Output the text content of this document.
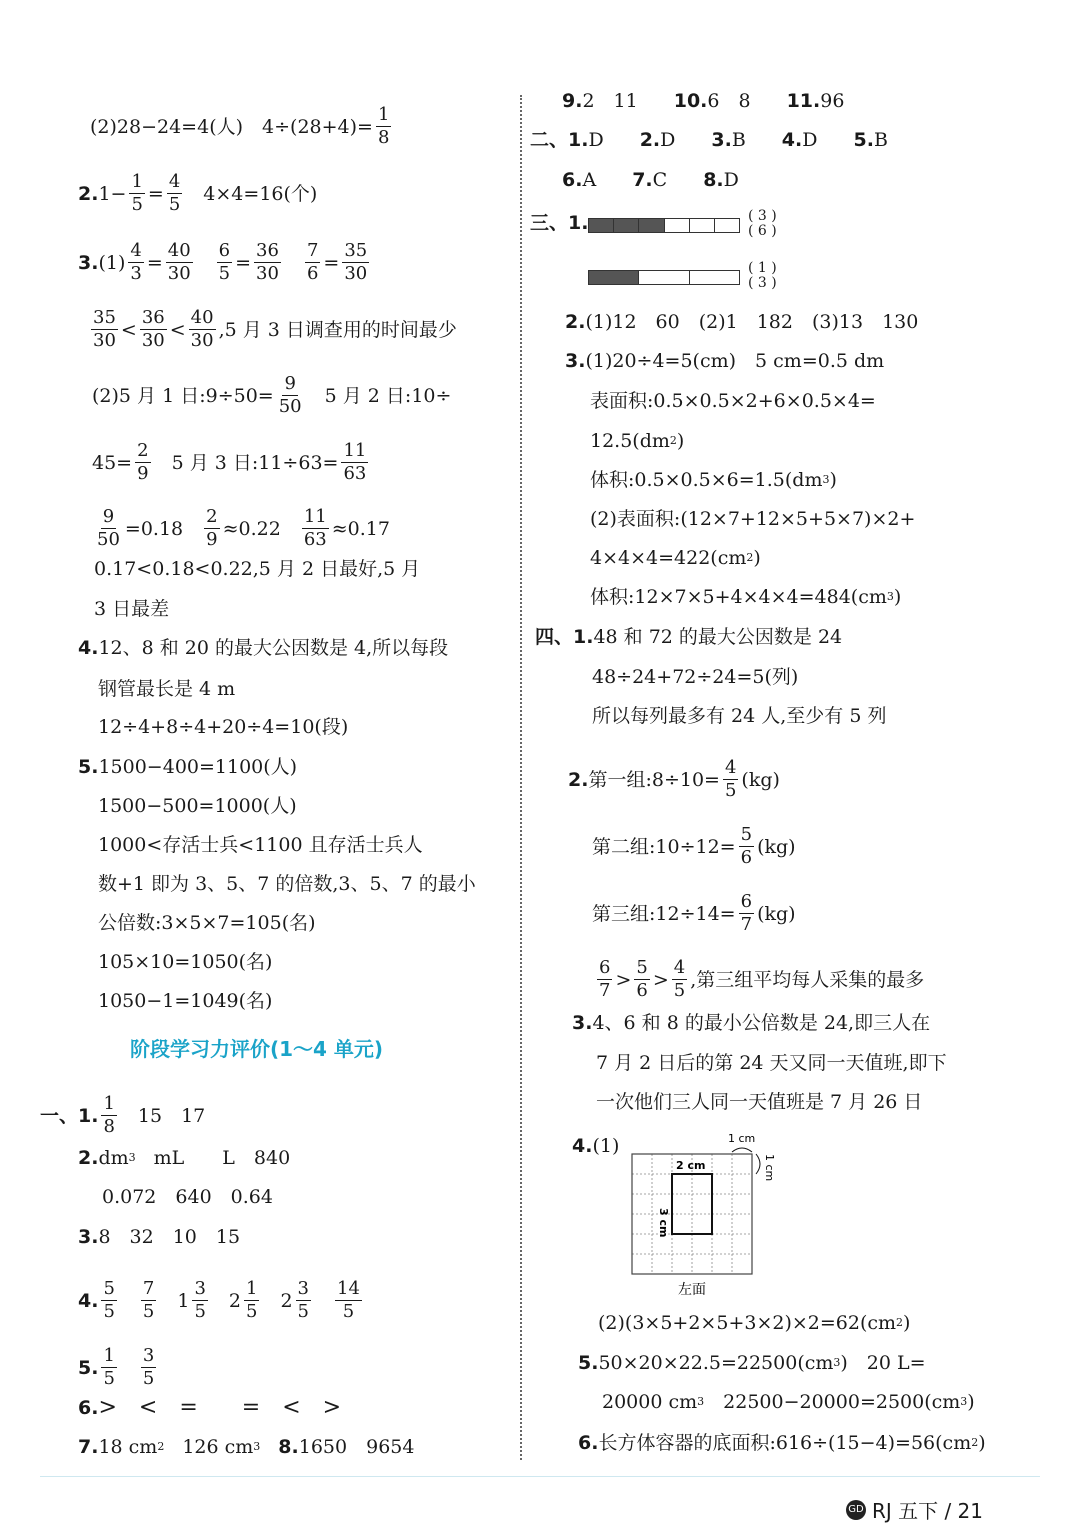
(2)28−24=4(人)　$4\div(28+4)= \frac{1}{8}$
2. $1- \frac{1}{5} = \frac{4}{5} 4\times 4=16$(个)
3. $(1) \frac{4}{3} = \frac{40}{30} \frac{6}{5} = \frac{36}{30} \frac{7}{6} = \frac{35}{30}$
35
30 <
36
30 <
40
30 ,5 月 3 日调查用的时间最少
(2)5 月 1 日:9÷50= $\frac{9}{50} 5$ 月 2 日:10÷
$45= \frac{2}{9} 5$ 月 3 日:11÷63= $\frac{11}{63}$
$\frac{9}{50} =0.18 \frac{2}{9} \approx 0.22 \frac{11}{63} \approx 0.17$
0.17<0.18<0.22,5 月 2 日最好,5 月
3 日最差
4. 12、8 和 20 的最大公因数是 4,所以每段
钢管最长是 4 m
12÷4+8÷4+20÷4=10(段)
5. 1500−400=1100(人)
1500−500=1000(人)
1000<存活士兵<1100 且存活士兵人
数+1 即为 3、5、7 的倍数,3、5、7 的最小
公倍数:3×5×7=105(名)
105×10=1050(名)
1050−1=1049(名)
阶段学习力评价(1～4 单元)
一、1.
1
8 15　17
2. dm 3 mL　　L　840
0.072　640　0.64
3. 8　32　10　15
4.
5
5
7
5 1
3
5 2
1
5 2
3
5
14
5
5.
1
5
3
5
6. >　<　=　　=　<　>
7. 18 cm 2 126 cm 3 8. 1650　9654
9. 2　11 10. 6　8 11. 96
二、1. D 2. D 3. B 4. D 5. B
6. A 7. C 8. D
三、1.	( 3 )
( 6 )
( 1 )
( 3 )
2. (1)12　60　(2)1　182　(3)13　130
3. (1)20÷4=5(cm)　5 cm=0.5 dm
表面积:0.5×0.5×2+6×0.5×4=
12.5(dm 2 )
体积:0.5×0.5×6=1.5(dm 3 )
(2)表面积:(12×7+12×5+5×7)×2+
4×4×4=422(cm 2 )
体积:12×7×5+4×4×4=484(cm 3 )
四、1. 48 和 72 的最大公因数是 24
48÷24+72÷24=5(列)
所以每列最多有 24 人,至少有 5 列
2. 第一组:8÷10= $\frac{4}{5} (kg)$
第二组:10÷12= $\frac{5}{6} (kg)$
第三组:12÷14= $\frac{6}{7} (kg)$
6
7 >
5
6 >
4
5 ,第三组平均每人采集的最多
3. 4、6 和 8 的最小公倍数是 24,即三人在
7 月 2 日后的第 24 天又同一天值班,即下
一次他们三人同一天值班是 7 月 26 日
4. (1)	1 cm
2 cm
3 cm
1 cm
左面
(2)(3×5+2×5+3×2)×2=62(cm 2 )
5. 50×20×22.5=22500(cm 3 )　20 L=
20000 cm 3 　22500−20000=2500(cm 3 )
6. 长方体容器的底面积:616÷(15−4)=56(cm 2 )
GD RJ 五下 / 21
